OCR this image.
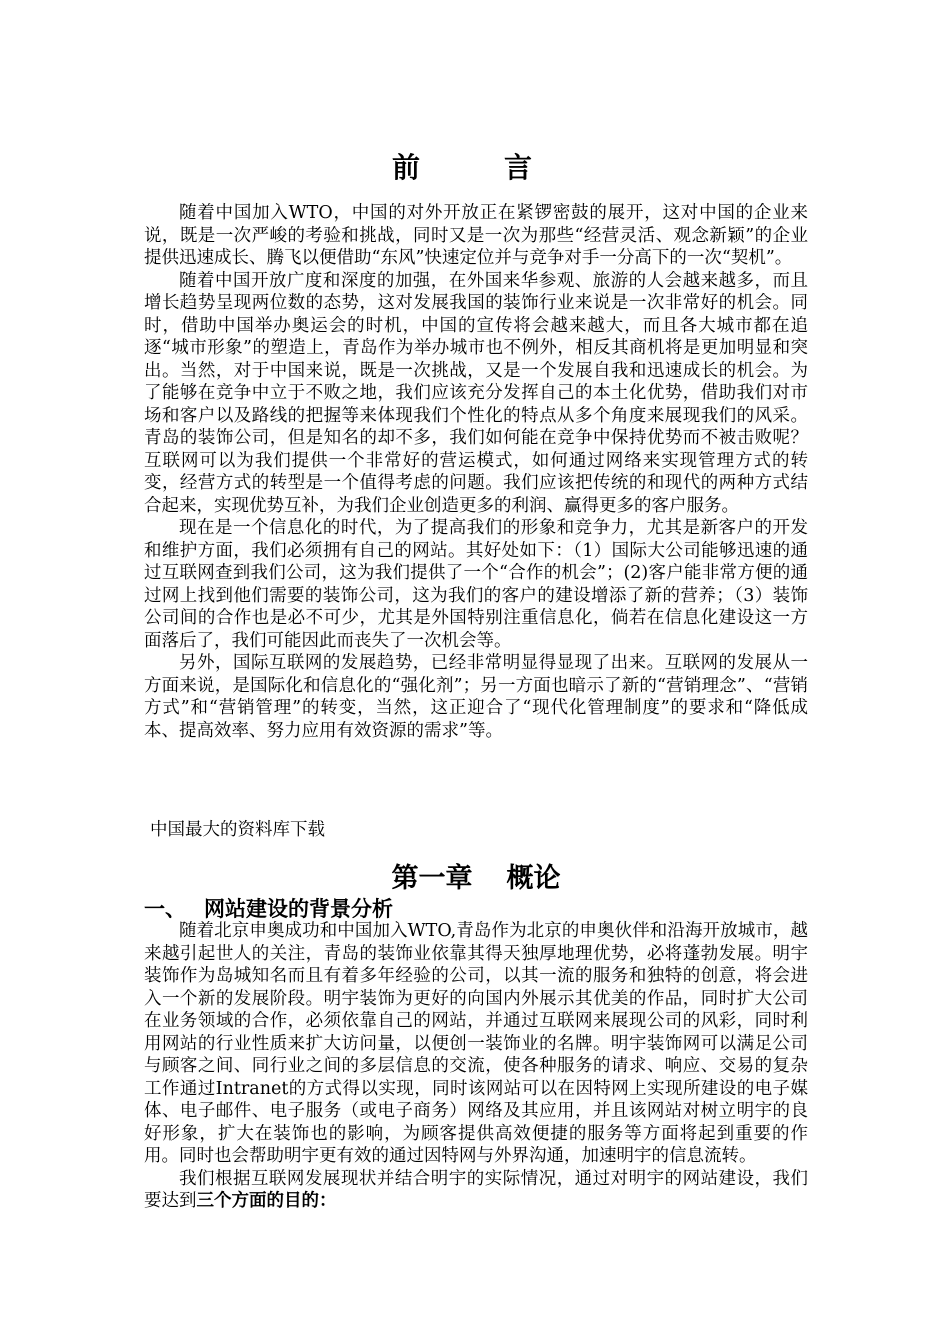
前　言

随着中国加入WTO，中国的对外开放正在紧锣密鼓的展开，这对中国的企业来说，既是一次严峻的考验和挑战，同时又是一次为那些“经营灵活、观念新颖”的企业提供迅速成长、腾飞以便借助“东风”快速定位并与竞争对手一分高下的一次“契机”。

随着中国开放广度和深度的加强，在外国来华参观、旅游的人会越来越多，而且增长趋势呈现两位数的态势，这对发展我国的装饰行业来说是一次非常好的机会。同时，借助中国举办奥运会的时机，中国的宣传将会越来越大，而且各大城市都在追逐“城市形象”的塑造上，青岛作为举办城市也不例外，相反其商机将是更加明显和突出。当然，对于中国来说，既是一次挑战，又是一个发展自我和迅速成长的机会。为了能够在竞争中立于不败之地，我们应该充分发挥自己的本土化优势，借助我们对市场和客户以及路线的把握等来体现我们个性化的特点从多个角度来展现我们的风采。青岛的装饰公司，但是知名的却不多，我们如何能在竞争中保持优势而不被击败呢？互联网可以为我们提供一个非常好的营运模式，如何通过网络来实现管理方式的转变，经营方式的转型是一个值得考虑的问题。我们应该把传统的和现代的两种方式结合起来，实现优势互补，为我们企业创造更多的利润、赢得更多的客户服务。

现在是一个信息化的时代，为了提高我们的形象和竞争力，尤其是新客户的开发和维护方面，我们必须拥有自己的网站。其好处如下：（1）国际大公司能够迅速的通过互联网查到我们公司，这为我们提供了一个“合作的机会”；(2)客户能非常方便的通过网上找到他们需要的装饰公司，这为我们的客户的建设增添了新的营养；（3）装饰公司间的合作也是必不可少，尤其是外国特别注重信息化，倘若在信息化建设这一方面落后了，我们可能因此而丧失了一次机会等。

另外，国际互联网的发展趋势，已经非常明显得显现了出来。互联网的发展从一方面来说，是国际化和信息化的“强化剂”；另一方面也暗示了新的“营销理念”、“营销方式”和“营销管理”的转变，当然，这正迎合了“现代化管理制度”的要求和“降低成本、提高效率、努力应用有效资源的需求”等。

中国最大的资料库下载
第一章 概论
一、 网站建设的背景分析

随着北京申奥成功和中国加入WTO,青岛作为北京的申奥伙伴和沿海开放城市，越来越引起世人的关注，青岛的装饰业依靠其得天独厚地理优势，必将蓬勃发展。明宇装饰作为岛城知名而且有着多年经验的公司，以其一流的服务和独特的创意，将会进入一个新的发展阶段。明宇装饰为更好的向国内外展示其优美的作品，同时扩大公司在业务领域的合作，必须依靠自己的网站，并通过互联网来展现公司的风彩，同时利用网站的行业性质来扩大访问量，以便创一装饰业的名牌。明宇装饰网可以满足公司与顾客之间、同行业之间的多层信息的交流，使各种服务的请求、响应、交易的复杂工作通过Intranet的方式得以实现，同时该网站可以在因特网上实现所建设的电子媒体、电子邮件、电子服务（或电子商务）网络及其应用，并且该网站对树立明宇的良好形象，扩大在装饰也的影响，为顾客提供高效便捷的服务等方面将起到重要的作用。同时也会帮助明宇更有效的通过因特网与外界沟通，加速明宇的信息流转。

我们根据互联网发展现状并结合明宇的实际情况，通过对明宇的网站建设，我们要达到三个方面的目的：
